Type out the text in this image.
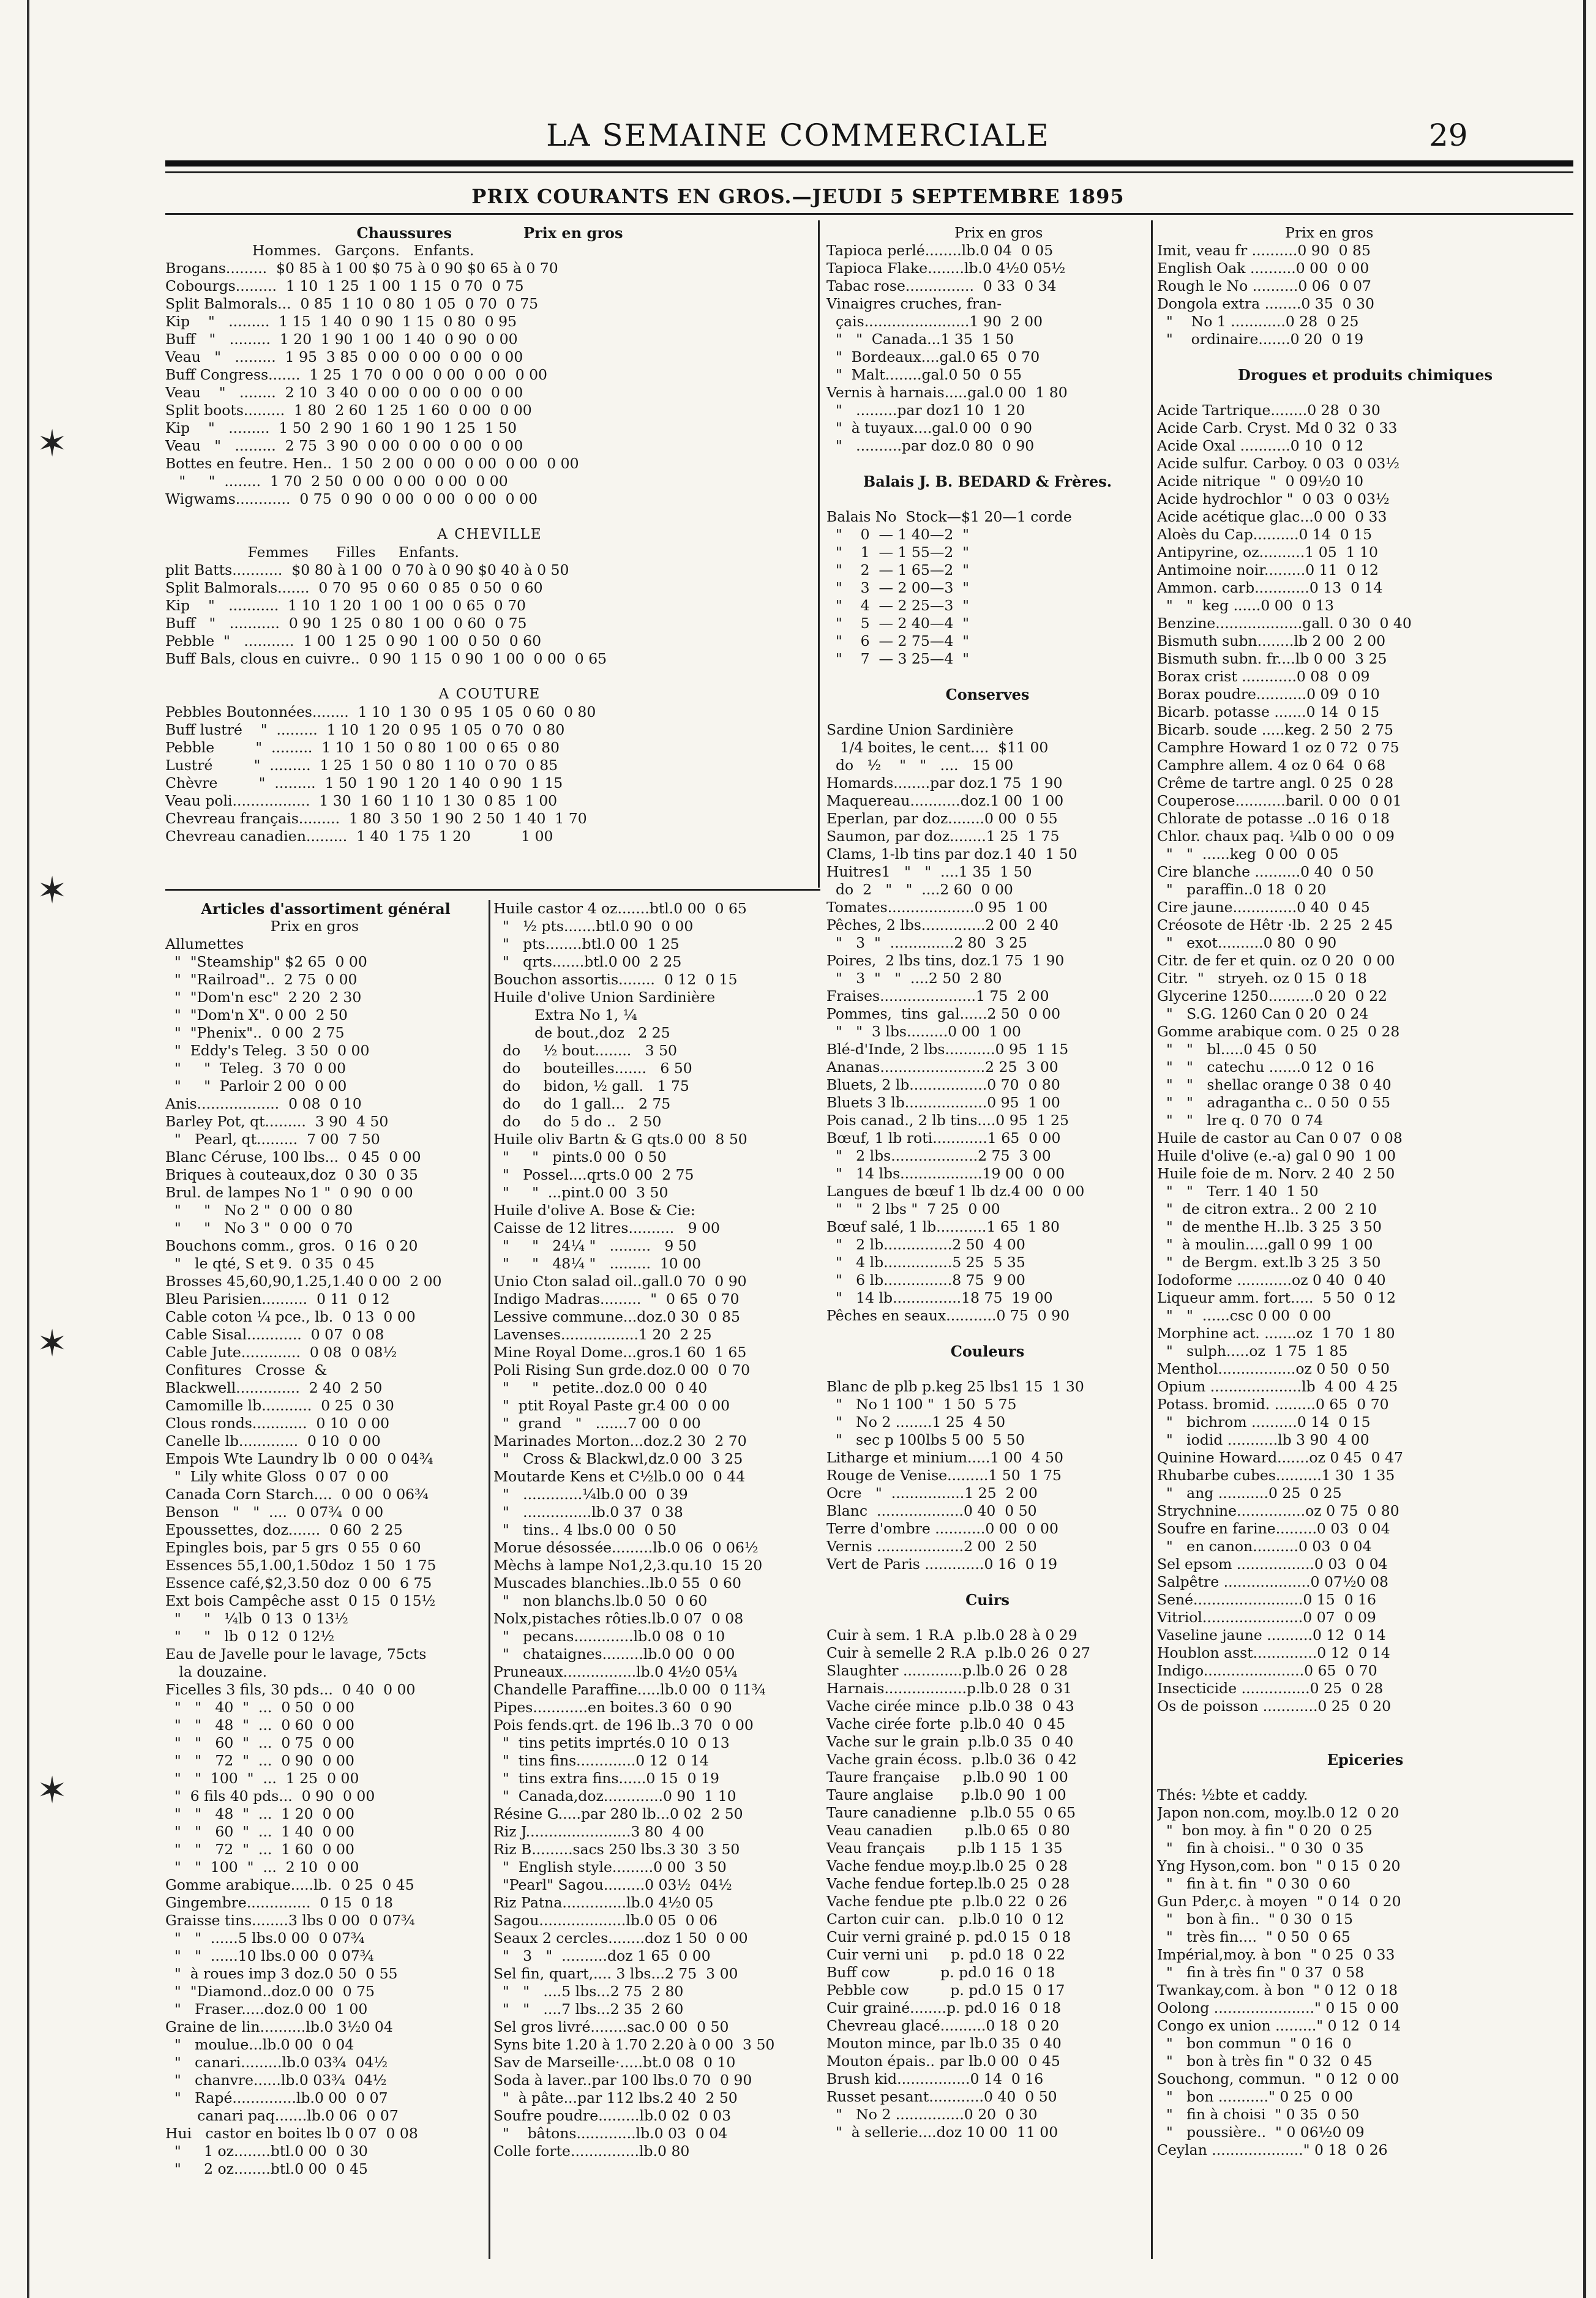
LA SEMAINE COMMERCIALE	29
PRIX COURANTS EN GROS.—JEUDI 5 SEPTEMBRE 1895
✶
✶
✶
✶
Chaussures              Prix en gros
Hommes.   Garçons.   Enfants.
Brogans.........  $0 85 à 1 00 $0 75 à 0 90 $0 65 à 0 70
Cobourgs.........  1 10  1 25  1 00  1 15  0 70  0 75
Split Balmorals...  0 85  1 10  0 80  1 05  0 70  0 75
Kip    "   .........  1 15  1 40  0 90  1 15  0 80  0 95
Buff   "   .........  1 20  1 90  1 00  1 40  0 90  0 00
Veau   "   .........  1 95  3 85  0 00  0 00  0 00  0 00
Buff Congress.......  1 25  1 70  0 00  0 00  0 00  0 00
Veau    "   ........  2 10  3 40  0 00  0 00  0 00  0 00
Split boots.........  1 80  2 60  1 25  1 60  0 00  0 00
Kip    "   .........  1 50  2 90  1 60  1 90  1 25  1 50
Veau   "   .........  2 75  3 90  0 00  0 00  0 00  0 00
Bottes en feutre. Hen..  1 50  2 00  0 00  0 00  0 00  0 00
"     "  ........  1 70  2 50  0 00  0 00  0 00  0 00
Wigwams............  0 75  0 90  0 00  0 00  0 00  0 00
A CHEVILLE
Femmes      Filles     Enfants.
plit Batts...........  $0 80 à 1 00  0 70 à 0 90 $0 40 à 0 50
Split Balmorals.......  0 70  95  0 60  0 85  0 50  0 60
Kip    "   ...........  1 10  1 20  1 00  1 00  0 65  0 70
Buff   "   ...........  0 90  1 25  0 80  1 00  0 60  0 75
Pebble  "   ...........  1 00  1 25  0 90  1 00  0 50  0 60
Buff Bals, clous en cuivre..  0 90  1 15  0 90  1 00  0 00  0 65
A COUTURE
Pebbles Boutonnées........  1 10  1 30  0 95  1 05  0 60  0 80
Buff lustré    "  .........  1 10  1 20  0 95  1 05  0 70  0 80
Pebble         "  .........  1 10  1 50  0 80  1 00  0 65  0 80
Lustré         "  .........  1 25  1 50  0 80  1 10  0 70  0 85
Chèvre         "  .........  1 50  1 90  1 20  1 40  0 90  1 15
Veau poli.................  1 30  1 60  1 10  1 30  0 85  1 00
Chevreau français.........  1 80  3 50  1 90  2 50  1 40  1 70
Chevreau canadien.........  1 40  1 75  1 20           1 00
Articles d'assortiment général
Prix en gros
Allumettes
"  "Steamship" $2 65  0 00
"  "Railroad"..  2 75  0 00
"  "Dom'n esc"  2 20  2 30
"  "Dom'n X". 0 00  2 50
"  "Phenix"..  0 00  2 75
"  Eddy's Teleg.  3 50  0 00
"     "  Teleg.  3 70  0 00
"     "  Parloir 2 00  0 00
Anis..................  0 08  0 10
Barley Pot, qt.........  3 90  4 50
"   Pearl, qt.........  7 00  7 50
Blanc Céruse, 100 lbs...  0 45  0 00
Briques à couteaux,doz  0 30  0 35
Brul. de lampes No 1 "  0 90  0 00
"     "   No 2 "  0 00  0 80
"     "   No 3 "  0 00  0 70
Bouchons comm., gros.  0 16  0 20
"   le qté, S et 9.  0 35  0 45
Brosses 45,60,90,1.25,1.40 0 00  2 00
Bleu Parisien..........  0 11  0 12
Cable coton ¼ pce., lb.  0 13  0 00
Cable Sisal............  0 07  0 08
Cable Jute.............  0 08  0 08½
Confitures   Crosse  &
Blackwell..............  2 40  2 50
Camomille lb...........  0 25  0 30
Clous ronds............  0 10  0 00
Canelle lb.............  0 10  0 00
Empois Wte Laundry lb  0 00  0 04¾
"  Lily white Gloss  0 07  0 00
Canada Corn Starch....  0 00  0 06¾
Benson   "   "  ....  0 07¾  0 00
Epoussettes, doz.......  0 60  2 25
Epingles bois, par 5 grs  0 55  0 60
Essences 55,1.00,1.50doz  1 50  1 75
Essence café,$2,3.50 doz  0 00  6 75
Ext bois Campêche asst  0 15  0 15½
"     "   ¼lb  0 13  0 13½
"     "   lb  0 12  0 12½
Eau de Javelle pour le lavage, 75cts
la douzaine.
Ficelles 3 fils, 30 pds...  0 40  0 00
"   "   40  "  ...  0 50  0 00
"   "   48  "  ...  0 60  0 00
"   "   60  "  ...  0 75  0 00
"   "   72  "  ...  0 90  0 00
"   "  100  "  ...  1 25  0 00
"  6 fils 40 pds...  0 90  0 00
"   "   48  "  ...  1 20  0 00
"   "   60  "  ...  1 40  0 00
"   "   72  "  ...  1 60  0 00
"   "  100  "  ...  2 10  0 00
Gomme arabique.....lb.  0 25  0 45
Gingembre..............  0 15  0 18
Graisse tins........3 lbs 0 00  0 07¾
"   "  ......5 lbs.0 00  0 07¾
"   "  ......10 lbs.0 00  0 07¾
"  à roues imp 3 doz.0 50  0 55
"  "Diamond..doz.0 00  0 75
"   Fraser.....doz.0 00  1 00
Graine de lin..........lb.0 3½0 04
"   moulue...lb.0 00  0 04
"   canari.........lb.0 03¾  04½
"   chanvre......lb.0 03¾  04½
"   Rapé..............lb.0 00  0 07
canari paq.......lb.0 06  0 07
Hui   castor en boites lb 0 07  0 08
"     1 oz........btl.0 00  0 30
"     2 oz........btl.0 00  0 45
Huile castor 4 oz.......btl.0 00  0 65
"   ½ pts.......btl.0 90  0 00
"   pts........btl.0 00  1 25
"   qrts.......btl.0 00  2 25
Bouchon assortis........  0 12  0 15
Huile d'olive Union Sardinière
Extra No 1, ¼
de bout.,doz   2 25
do     ½ bout........   3 50
do     bouteilles.......   6 50
do     bidon, ½ gall.   1 75
do     do  1 gall...   2 75
do     do  5 do ..   2 50
Huile oliv Bartn & G qts.0 00  8 50
"     "   pints.0 00  0 50
"   Possel....qrts.0 00  2 75
"     "  ...pint.0 00  3 50
Huile d'olive A. Bose & Cie:
Caisse de 12 litres..........   9 00
"     "   24¼ "   .........   9 50
"     "   48¼ "   .........  10 00
Unio Cton salad oil..gall.0 70  0 90
Indigo Madras.........  "  0 65  0 70
Lessive commune...doz.0 30  0 85
Lavenses.................1 20  2 25
Mine Royal Dome...gros.1 60  1 65
Poli Rising Sun grde.doz.0 00  0 70
"     "   petite..doz.0 00  0 40
"  ptit Royal Paste gr.4 00  0 00
"  grand   "   .......7 00  0 00
Marinades Morton...doz.2 30  2 70
"   Cross & Blackwl,dz.0 00  3 25
Moutarde Kens et C½lb.0 00  0 44
"   .............¼lb.0 00  0 39
"   ...............lb.0 37  0 38
"   tins.. 4 lbs.0 00  0 50
Morue désossée.........lb.0 06  0 06½
Mèchs à lampe No1,2,3.qu.10  15 20
Muscades blanchies..lb.0 55  0 60
"   non blanchs.lb.0 50  0 60
Nolx,pistaches rôties.lb.0 07  0 08
"   pecans.............lb.0 08  0 10
"   chataignes.........lb.0 00  0 00
Pruneaux................lb.0 4½0 05¼
Chandelle Paraffine.....lb.0 00  0 11¾
Pipes............en boites.3 60  0 90
Pois fends.qrt. de 196 lb..3 70  0 00
"  tins petits imprtés.0 10  0 13
"  tins fins.............0 12  0 14
"  tins extra fins......0 15  0 19
"  Canada,doz.............0 90  1 10
Résine G.....par 280 lb...0 02  2 50
Riz J.......................3 80  4 00
Riz B.........sacs 250 lbs.3 30  3 50
"  English style.........0 00  3 50
"Pearl" Sagou.........0 03½  04½
Riz Patna..............lb.0 4½0 05
Sagou...................lb.0 05  0 06
Seaux 2 cercles........doz 1 50  0 00
"   3   "  ..........doz 1 65  0 00
Sel fin, quart,.... 3 lbs...2 75  3 00
"   "   ....5 lbs...2 75  2 80
"   "   ....7 lbs...2 35  2 60
Sel gros livré........sac.0 00  0 50
Syns bite 1.20 à 1.70 2.20 à 0 00  3 50
Sav de Marseille·.....bt.0 08  0 10
Soda à laver..par 100 lbs.0 70  0 90
"  à pâte...par 112 lbs.2 40  2 50
Soufre poudre.........lb.0 02  0 03
"    bâtons.............lb.0 03  0 04
Colle forte...............lb.0 80
Prix en gros
Tapioca perlé........lb.0 04  0 05
Tapioca Flake........lb.0 4½0 05½
Tabac rose...............  0 33  0 34
Vinaigres cruches, fran-
çais.......................1 90  2 00
"   "  Canada...1 35  1 50
"  Bordeaux....gal.0 65  0 70
"  Malt........gal.0 50  0 55
Vernis à harnais.....gal.0 00  1 80
"   .........par doz1 10  1 20
"  à tuyaux....gal.0 00  0 90
"   ..........par doz.0 80  0 90
Balais J. B. BEDARD & Frères.
Balais No  Stock—$1 20—1 corde
"    0  — 1 40—2  "
"    1  — 1 55—2  "
"    2  — 1 65—2  "
"    3  — 2 00—3  "
"    4  — 2 25—3  "
"    5  — 2 40—4  "
"    6  — 2 75—4  "
"    7  — 3 25—4  "
Conserves
Sardine Union Sardinière
1/4 boites, le cent....  $11 00
do   ½    "   "   ....   15 00
Homards........par doz.1 75  1 90
Maquereau...........doz.1 00  1 00
Eperlan, par doz........0 00  0 55
Saumon, par doz........1 25  1 75
Clams, 1-lb tins par doz.1 40  1 50
Huitres1   "   "  ....1 35  1 50
do  2   "   "  ....2 60  0 00
Tomates...................0 95  1 00
Pêches, 2 lbs..............2 00  2 40
"   3  "  ..............2 80  3 25
Poires,  2 lbs tins, doz.1 75  1 90
"   3  "   "  ....2 50  2 80
Fraises.....................1 75  2 00
Pommes,  tins  gal......2 50  0 00
"   "  3 lbs.........0 00  1 00
Blé-d'Inde, 2 lbs...........0 95  1 15
Ananas.......................2 25  3 00
Bluets, 2 lb.................0 70  0 80
Bluets 3 lb..................0 95  1 00
Pois canad., 2 lb tins....0 95  1 25
Bœuf, 1 lb roti............1 65  0 00
"   2 lbs...................2 75  3 00
"   14 lbs..................19 00  0 00
Langues de bœuf 1 lb dz.4 00  0 00
"   "  2 lbs "  7 25  0 00
Bœuf salé, 1 lb...........1 65  1 80
"   2 lb...............2 50  4 00
"   4 lb...............5 25  5 35
"   6 lb...............8 75  9 00
"   14 lb...............18 75  19 00
Pêches en seaux...........0 75  0 90
Couleurs
Blanc de plb p.keg 25 lbs1 15  1 30
"   No 1 100 "  1 50  5 75
"   No 2 ........1 25  4 50
"   sec p 100lbs 5 00  5 50
Litharge et minium.....1 00  4 50
Rouge de Venise.........1 50  1 75
Ocre   "  ................1 25  2 00
Blanc  ...................0 40  0 50
Terre d'ombre ...........0 00  0 00
Vernis ...................2 00  2 50
Vert de Paris .............0 16  0 19
Cuirs
Cuir à sem. 1 R.A  p.lb.0 28 à 0 29
Cuir à semelle 2 R.A  p.lb.0 26  0 27
Slaughter .............p.lb.0 26  0 28
Harnais..................p.lb.0 28  0 31
Vache cirée mince  p.lb.0 38  0 43
Vache cirée forte  p.lb.0 40  0 45
Vache sur le grain  p.lb.0 35  0 40
Vache grain écoss.  p.lb.0 36  0 42
Taure française     p.lb.0 90  1 00
Taure anglaise      p.lb.0 90  1 00
Taure canadienne   p.lb.0 55  0 65
Veau canadien       p.lb.0 65  0 80
Veau français       p.lb 1 15  1 35
Vache fendue moy.p.lb.0 25  0 28
Vache fendue fortep.lb.0 25  0 28
Vache fendue pte  p.lb.0 22  0 26
Carton cuir can.   p.lb.0 10  0 12
Cuir verni grainé p. pd.0 15  0 18
Cuir verni uni     p. pd.0 18  0 22
Buff cow           p. pd.0 16  0 18
Pebble cow         p. pd.0 15  0 17
Cuir grainé........p. pd.0 16  0 18
Chevreau glacé..........0 18  0 20
Mouton mince, par lb.0 35  0 40
Mouton épais.. par lb.0 00  0 45
Brush kid................0 14  0 16
Russet pesant............0 40  0 50
"   No 2 ...............0 20  0 30
"  à sellerie....doz 10 00  11 00
Prix en gros
Imit, veau fr ..........0 90  0 85
English Oak ..........0 00  0 00
Rough le No ..........0 06  0 07
Dongola extra ........0 35  0 30
"    No 1 ............0 28  0 25
"    ordinaire.......0 20  0 19
Drogues et produits chimiques
Acide Tartrique........0 28  0 30
Acide Carb. Cryst. Md 0 32  0 33
Acide Oxal ...........0 10  0 12
Acide sulfur. Carboy. 0 03  0 03½
Acide nitrique  "  0 09½0 10
Acide hydrochlor "  0 03  0 03½
Acide acétique glac...0 00  0 33
Aloès du Cap..........0 14  0 15
Antipyrine, oz..........1 05  1 10
Antimoine noir.........0 11  0 12
Ammon. carb............0 13  0 14
"   "  keg ......0 00  0 13
Benzine...................gall. 0 30  0 40
Bismuth subn........lb 2 00  2 00
Bismuth subn. fr....lb 0 00  3 25
Borax crist ............0 08  0 09
Borax poudre...........0 09  0 10
Bicarb. potasse .......0 14  0 15
Bicarb. soude .....keg. 2 50  2 75
Camphre Howard 1 oz 0 72  0 75
Camphre allem. 4 oz 0 64  0 68
Crême de tartre angl. 0 25  0 28
Couperose...........baril. 0 00  0 01
Chlorate de potasse ..0 16  0 18
Chlor. chaux paq. ¼lb 0 00  0 09
"   "  ......keg  0 00  0 05
Cire blanche ..........0 40  0 50
"   paraffin..0 18  0 20
Cire jaune..............0 40  0 45
Créosote de Hêtr ·lb.  2 25  2 45
"   exot..........0 80  0 90
Citr. de fer et quin. oz 0 20  0 00
Citr.  "   stryeh. oz 0 15  0 18
Glycerine 1250..........0 20  0 22
"   S.G. 1260 Can 0 20  0 24
Gomme arabique com. 0 25  0 28
"   "   bl.....0 45  0 50
"   "   catechu .......0 12  0 16
"   "   shellac orange 0 38  0 40
"   "   adragantha c.. 0 50  0 55
"   "   lre q. 0 70  0 74
Huile de castor au Can 0 07  0 08
Huile d'olive (e.-a) gal 0 90  1 00
Huile foie de m. Norv. 2 40  2 50
"   "   Terr. 1 40  1 50
"  de citron extra.. 2 00  2 10
"  de menthe H..lb. 3 25  3 50
"  à moulin.....gall 0 99  1 00
"  de Bergm. ext.lb 3 25  3 50
Iodoforme ............oz 0 40  0 40
Liqueur amm. fort.....  5 50  0 12
"   "  ......csc 0 00  0 00
Morphine act. .......oz  1 70  1 80
"   sulph.....oz  1 75  1 85
Menthol.................oz 0 50  0 50
Opium ....................lb  4 00  4 25
Potass. bromid. .........0 65  0 70
"   bichrom ..........0 14  0 15
"   iodid ...........lb 3 90  4 00
Quinine Howard.......oz 0 45  0 47
Rhubarbe cubes..........1 30  1 35
"   ang ...........0 25  0 25
Strychnine...............oz 0 75  0 80
Soufre en farine.........0 03  0 04
"   en canon..........0 03  0 04
Sel epsom .................0 03  0 04
Salpêtre ...................0 07½0 08
Sené........................0 15  0 16
Vitriol......................0 07  0 09
Vaseline jaune ..........0 12  0 14
Houblon asst..............0 12  0 14
Indigo......................0 65  0 70
Insecticide ...............0 25  0 28
Os de poisson ............0 25  0 20
Epiceries
Thés: ½bte et caddy.
Japon non.com, moy.lb.0 12  0 20
"  bon moy. à fin " 0 20  0 25
"   fin à choisi.. " 0 30  0 35
Yng Hyson,com. bon  " 0 15  0 20
"   fin à t. fin  " 0 30  0 60
Gun Pder,c. à moyen  " 0 14  0 20
"   bon à fin..  " 0 30  0 15
"   très fin....  " 0 50  0 65
Impérial,moy. à bon  " 0 25  0 33
"   fin à très fin " 0 37  0 58
Twankay,com. à bon  " 0 12  0 18
Oolong ......................" 0 15  0 00
Congo ex union ........." 0 12  0 14
"   bon commun  " 0 16  0
"   bon à très fin " 0 32  0 45
Souchong, commun.  " 0 12  0 00
"   bon ..........." 0 25  0 00
"   fin à choisi  " 0 35  0 50
"   poussière..  " 0 06½0 09
Ceylan ...................." 0 18  0 26
